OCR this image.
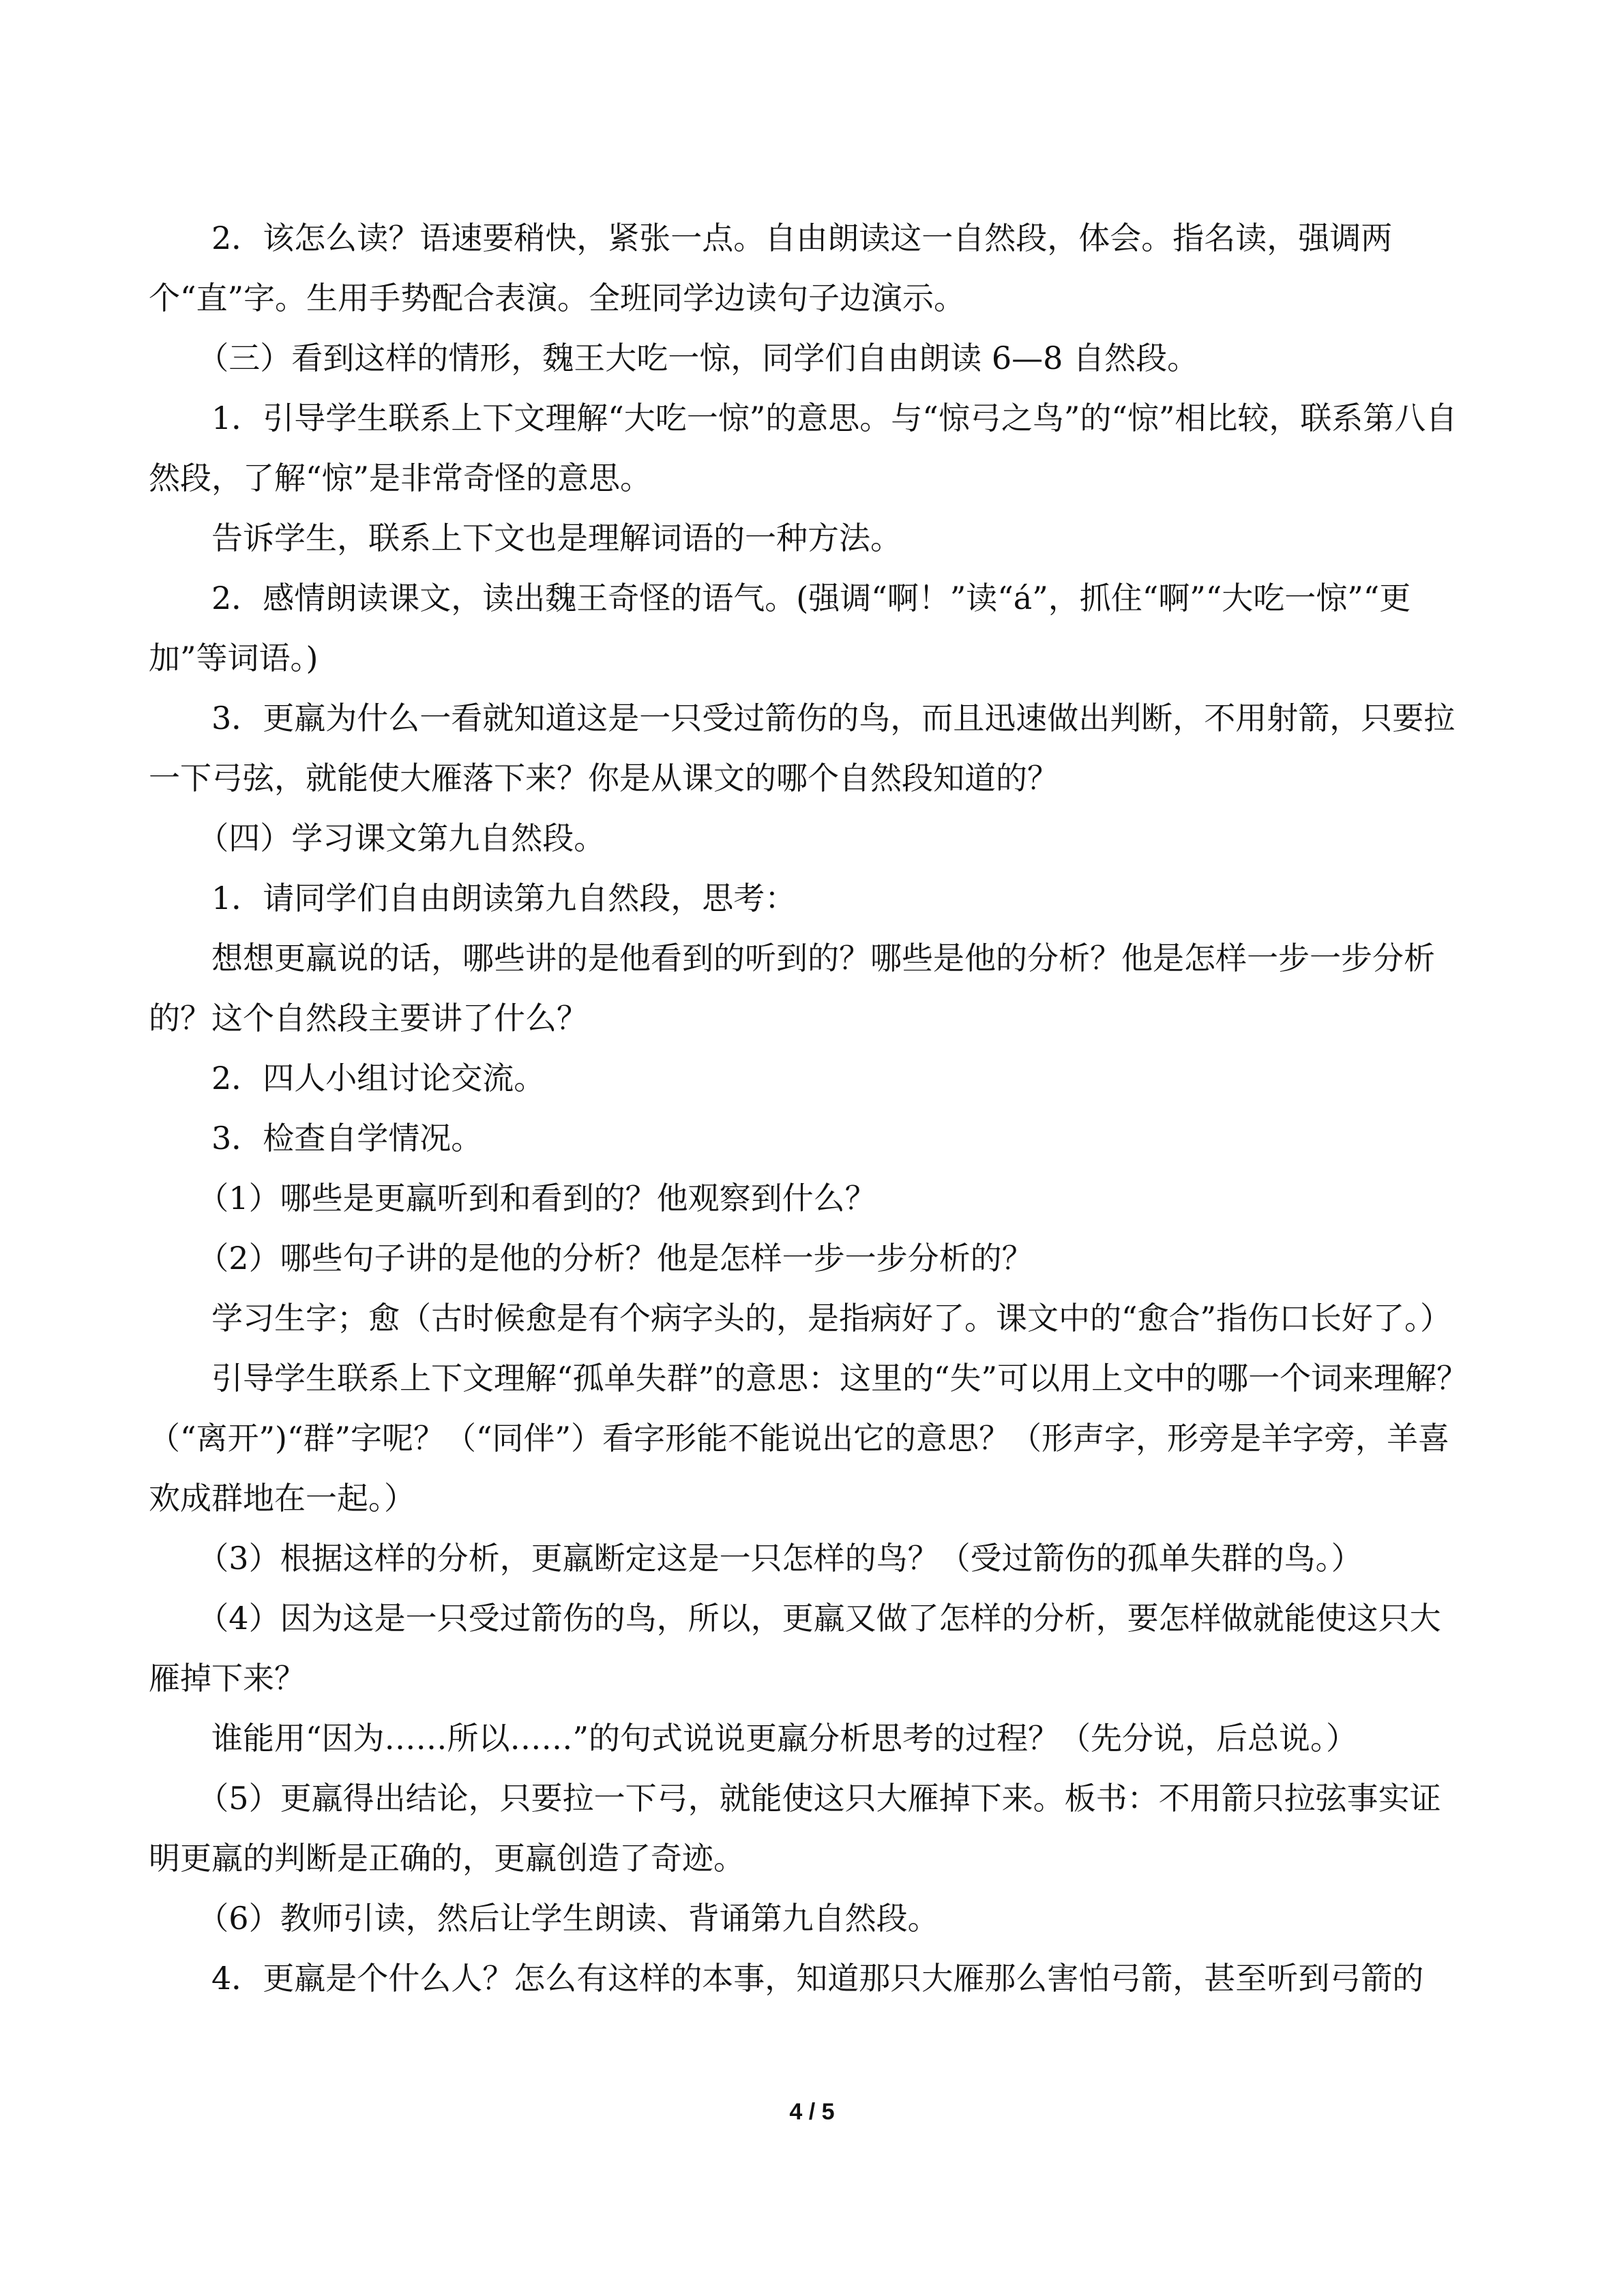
2．该怎么读？语速要稍快，紧张一点。自由朗读这一自然段，体会。指名读，强调两个“直”字。生用手势配合表演。全班同学边读句子边演示。

（三）看到这样的情形，魏王大吃一惊，同学们自由朗读 6—8 自然段。

1．引导学生联系上下文理解“大吃一惊”的意思。与“惊弓之鸟”的“惊”相比较，联系第八自然段，了解“惊”是非常奇怪的意思。

告诉学生，联系上下文也是理解词语的一种方法。

2．感情朗读课文，读出魏王奇怪的语气。(强调“啊！”读“á”，抓住“啊”“大吃一惊”“更加”等词语。)

3．更羸为什么一看就知道这是一只受过箭伤的鸟，而且迅速做出判断，不用射箭，只要拉一下弓弦，就能使大雁落下来？你是从课文的哪个自然段知道的？

（四）学习课文第九自然段。

1．请同学们自由朗读第九自然段，思考：

想想更羸说的话，哪些讲的是他看到的听到的？哪些是他的分析？他是怎样一步一步分析的？这个自然段主要讲了什么？

2．四人小组讨论交流。

3．检查自学情况。

（1）哪些是更羸听到和看到的？他观察到什么？

（2）哪些句子讲的是他的分析？他是怎样一步一步分析的？

学习生字；愈（古时候愈是有个病字头的，是指病好了。课文中的“愈合”指伤口长好了。）

引导学生联系上下文理解“孤单失群”的意思：这里的“失”可以用上文中的哪一个词来理解？（“离开”)“群”字呢？（“同伴”）看字形能不能说出它的意思？（形声字，形旁是羊字旁，羊喜欢成群地在一起。）

（3）根据这样的分析，更羸断定这是一只怎样的鸟？（受过箭伤的孤单失群的鸟。）

（4）因为这是一只受过箭伤的鸟，所以，更羸又做了怎样的分析，要怎样做就能使这只大雁掉下来？

谁能用“因为……所以……”的句式说说更羸分析思考的过程？（先分说，后总说。）

（5）更羸得出结论，只要拉一下弓，就能使这只大雁掉下来。板书：不用箭只拉弦事实证明更羸的判断是正确的，更羸创造了奇迹。

（6）教师引读，然后让学生朗读、背诵第九自然段。

4．更羸是个什么人？怎么有这样的本事，知道那只大雁那么害怕弓箭，甚至听到弓箭的

4 / 5
